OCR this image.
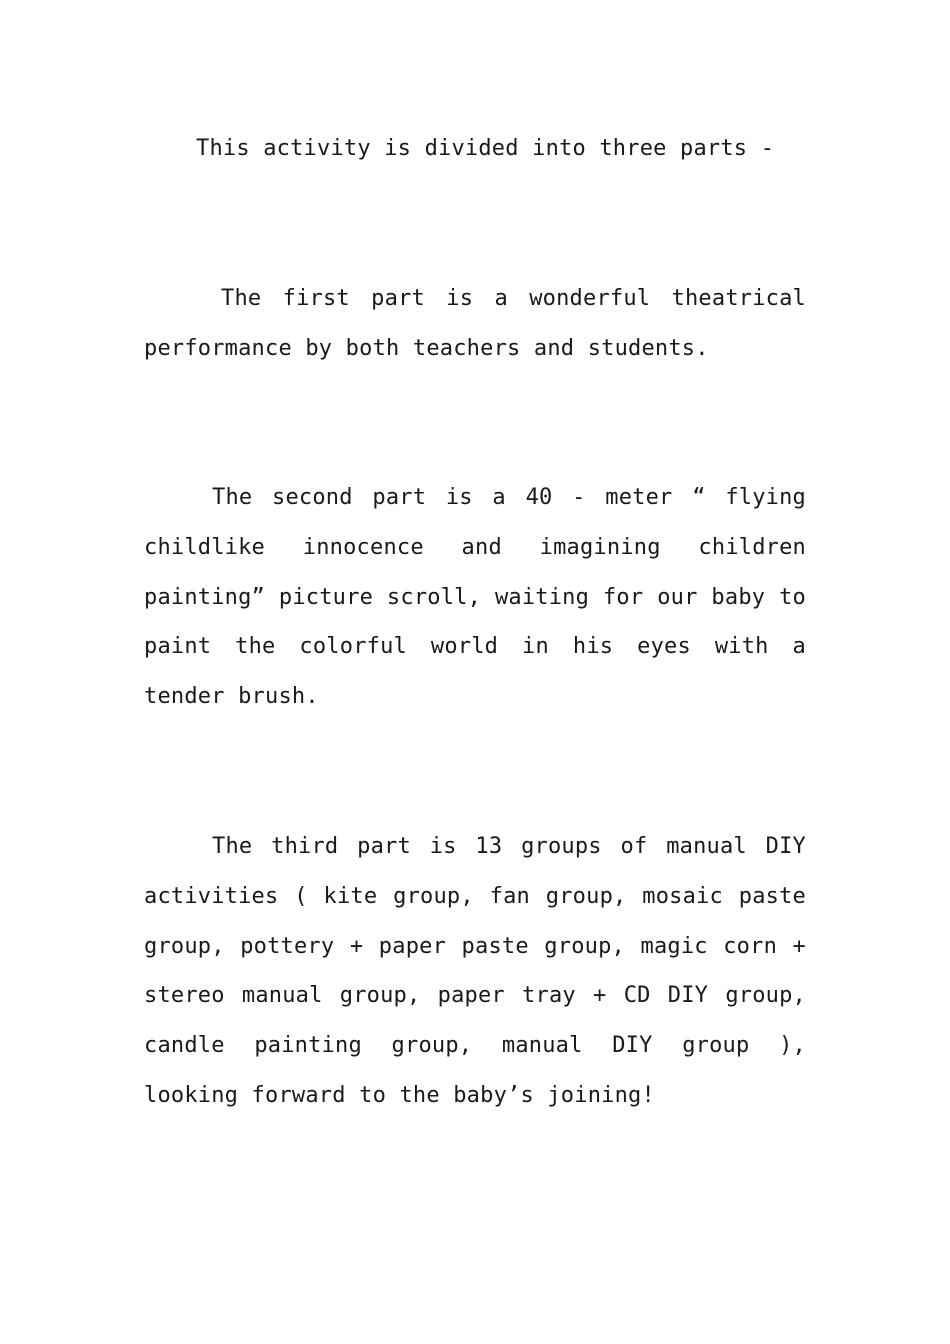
This activity is divided into three parts -

The first part is a wonderful theatrical performance by both teachers and students.

The second part is a 40 - meter “ flying childlike innocence and imagining children painting” picture scroll, waiting for our baby to paint the colorful world in his eyes with a tender brush.

The third part is 13 groups of manual DIY activities ( kite group, fan group, mosaic paste group, pottery + paper paste group, magic corn + stereo manual group, paper tray + CD DIY group, candle painting group, manual DIY group ), looking forward to the baby’s joining!
